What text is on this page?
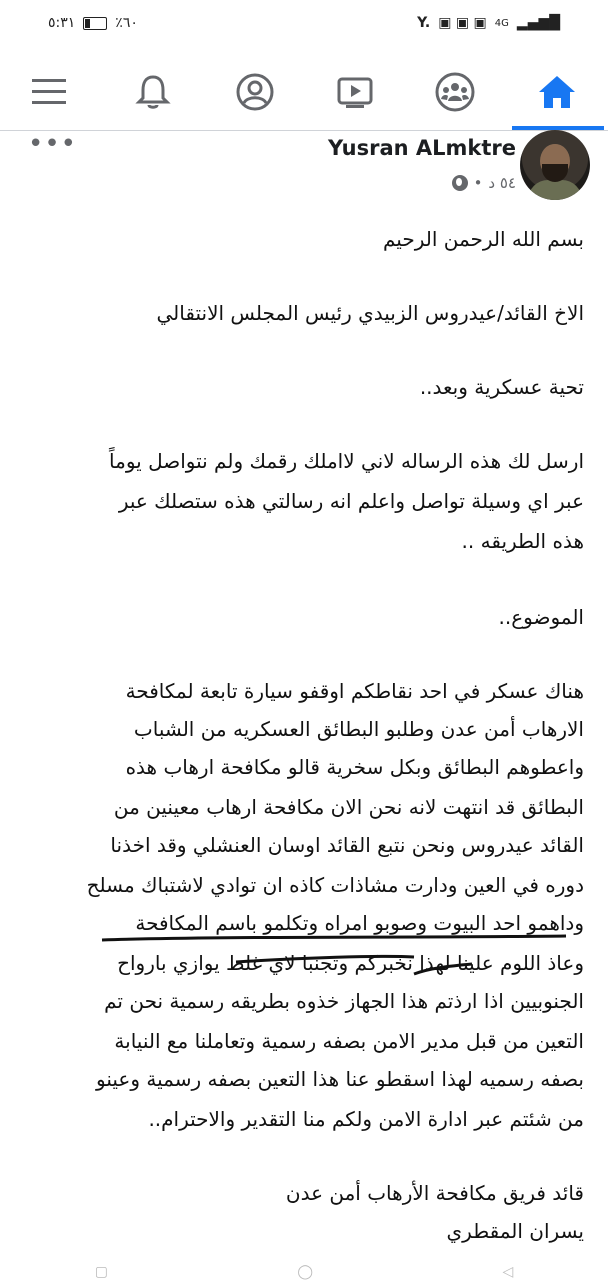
٥:٣١	٪٦٠	Y. ▣ ▣ ▣ 4G ▂▄▆█
•••	Yusran ALmktre
• ٥٤ د
بسم الله الرحمن الرحيم
الاخ القائد/عيدروس الزبيدي رئيس المجلس الانتقالي
تحية عسكرية وبعد..
ارسل لك هذه الرساله لاني لااملك رقمك ولم نتواصل يوماً
عبر اي وسيلة تواصل واعلم انه رسالتي هذه ستصلك عبر
هذه الطريقه ..
الموضوع..
هناك عسكر في احد نقاطكم اوقفو سيارة تابعة لمكافحة
الارهاب أمن عدن وطلبو البطائق العسكريه من الشباب
واعطوهم البطائق وبكل سخرية قالو مكافحة ارهاب هذه
البطائق قد انتهت لانه نحن الان مكافحة ارهاب معينين من
القائد عيدروس ونحن نتبع القائد اوسان العنشلي وقد اخذنا
دوره في العين ودارت مشاذات كاذه ان توادي لاشتباك مسلح
وداهمو احد البيوت وصوبو امراه وتكلمو باسم المكافحة
وعاذ اللوم علينا لهذا نخبركم وتجنبا لاي غلط يوازي بارواح
الجنوبيين اذا ارذتم هذا الجهاز خذوه بطريقه رسمية نحن تم
التعين من قبل مدير الامن بصفه رسمية وتعاملنا مع النيابة
بصفه رسميه لهذا اسقطو عنا هذا التعين بصفه رسمية وعينو
من شئتم عبر ادارة الامن ولكم منا التقدير والاحترام..
قائد فريق مكافحة الأرهاب أمن عدن
يسران المقطري
▢	◯	◁
